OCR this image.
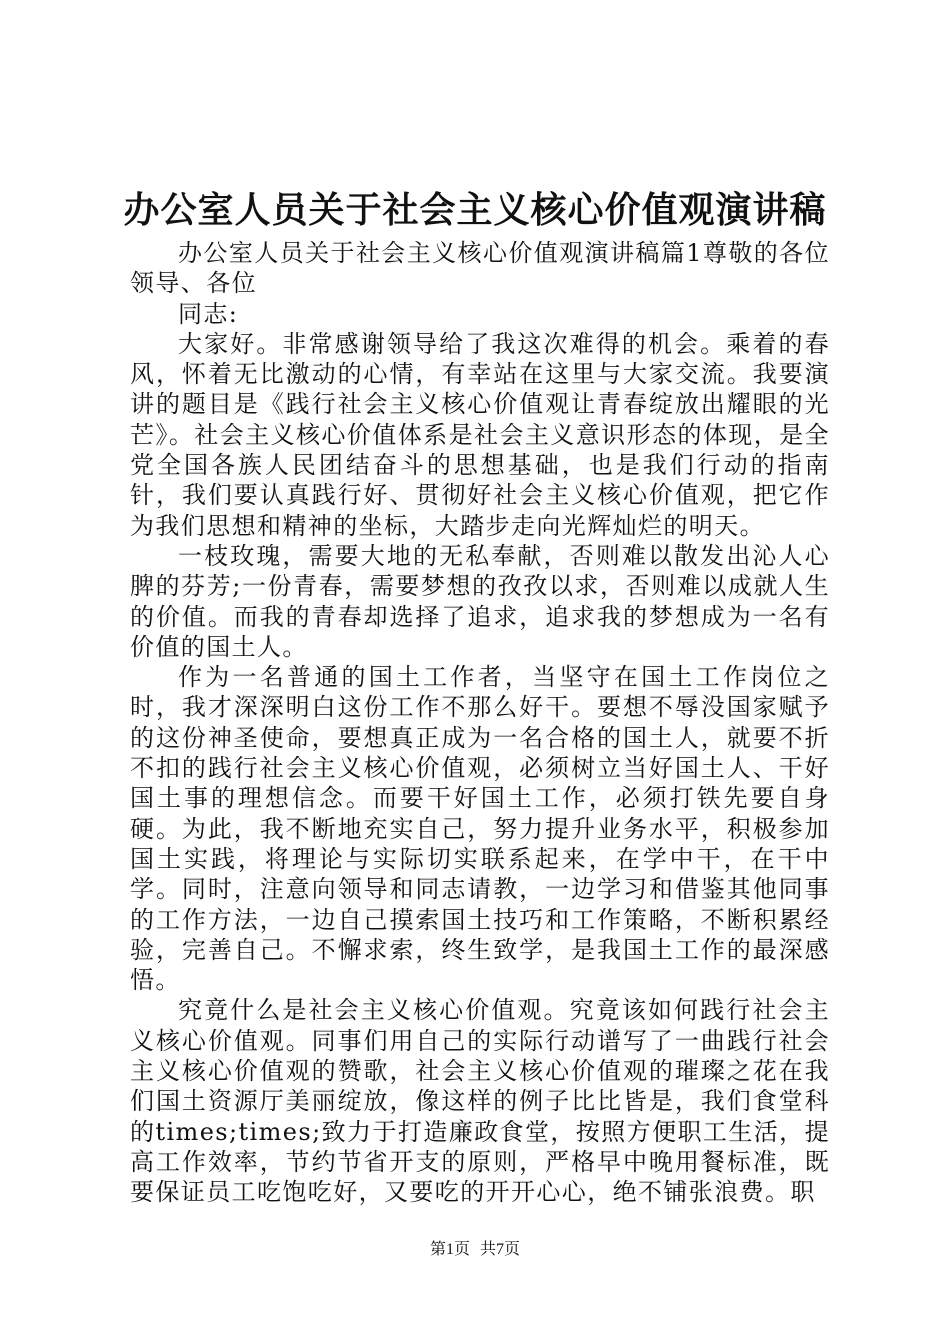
办公室人员关于社会主义核心价值观演讲稿

办公室人员关于社会主义核心价值观演讲稿篇1尊敬的各位领导、各位

同志:

大家好。非常感谢领导给了我这次难得的机会。乘着的春风，怀着无比激动的心情，有幸站在这里与大家交流。我要演讲的题目是《践行社会主义核心价值观让青春绽放出耀眼的光芒》。社会主义核心价值体系是社会主义意识形态的体现，是全党全国各族人民团结奋斗的思想基础，也是我们行动的指南针，我们要认真践行好、贯彻好社会主义核心价值观，把它作为我们思想和精神的坐标，大踏步走向光辉灿烂的明天。

一枝玫瑰，需要大地的无私奉献，否则难以散发出沁人心脾的芬芳;一份青春，需要梦想的孜孜以求，否则难以成就人生的价值。而我的青春却选择了追求，追求我的梦想成为一名有价值的国土人。

作为一名普通的国土工作者，当坚守在国土工作岗位之时，我才深深明白这份工作不那么好干。要想不辱没国家赋予的这份神圣使命，要想真正成为一名合格的国土人，就要不折不扣的践行社会主义核心价值观，必须树立当好国土人、干好国土事的理想信念。而要干好国土工作，必须打铁先要自身硬。为此，我不断地充实自己，努力提升业务水平，积极参加国土实践，将理论与实际切实联系起来，在学中干，在干中学。同时，注意向领导和同志请教，一边学习和借鉴其他同事的工作方法，一边自己摸索国土技巧和工作策略，不断积累经验，完善自己。不懈求索，终生致学，是我国土工作的最深感悟。

究竟什么是社会主义核心价值观。究竟该如何践行社会主义核心价值观。同事们用自己的实际行动谱写了一曲践行社会主义核心价值观的赞歌，社会主义核心价值观的璀璨之花在我们国土资源厅美丽绽放，像这样的例子比比皆是，我们食堂科的times;times;致力于打造廉政食堂，按照方便职工生活，提高工作效率，节约节省开支的原则，严格早中晚用餐标准，既要保证员工吃饱吃好，又要吃的开开心心，绝不铺张浪费。职

第1页 共7页
